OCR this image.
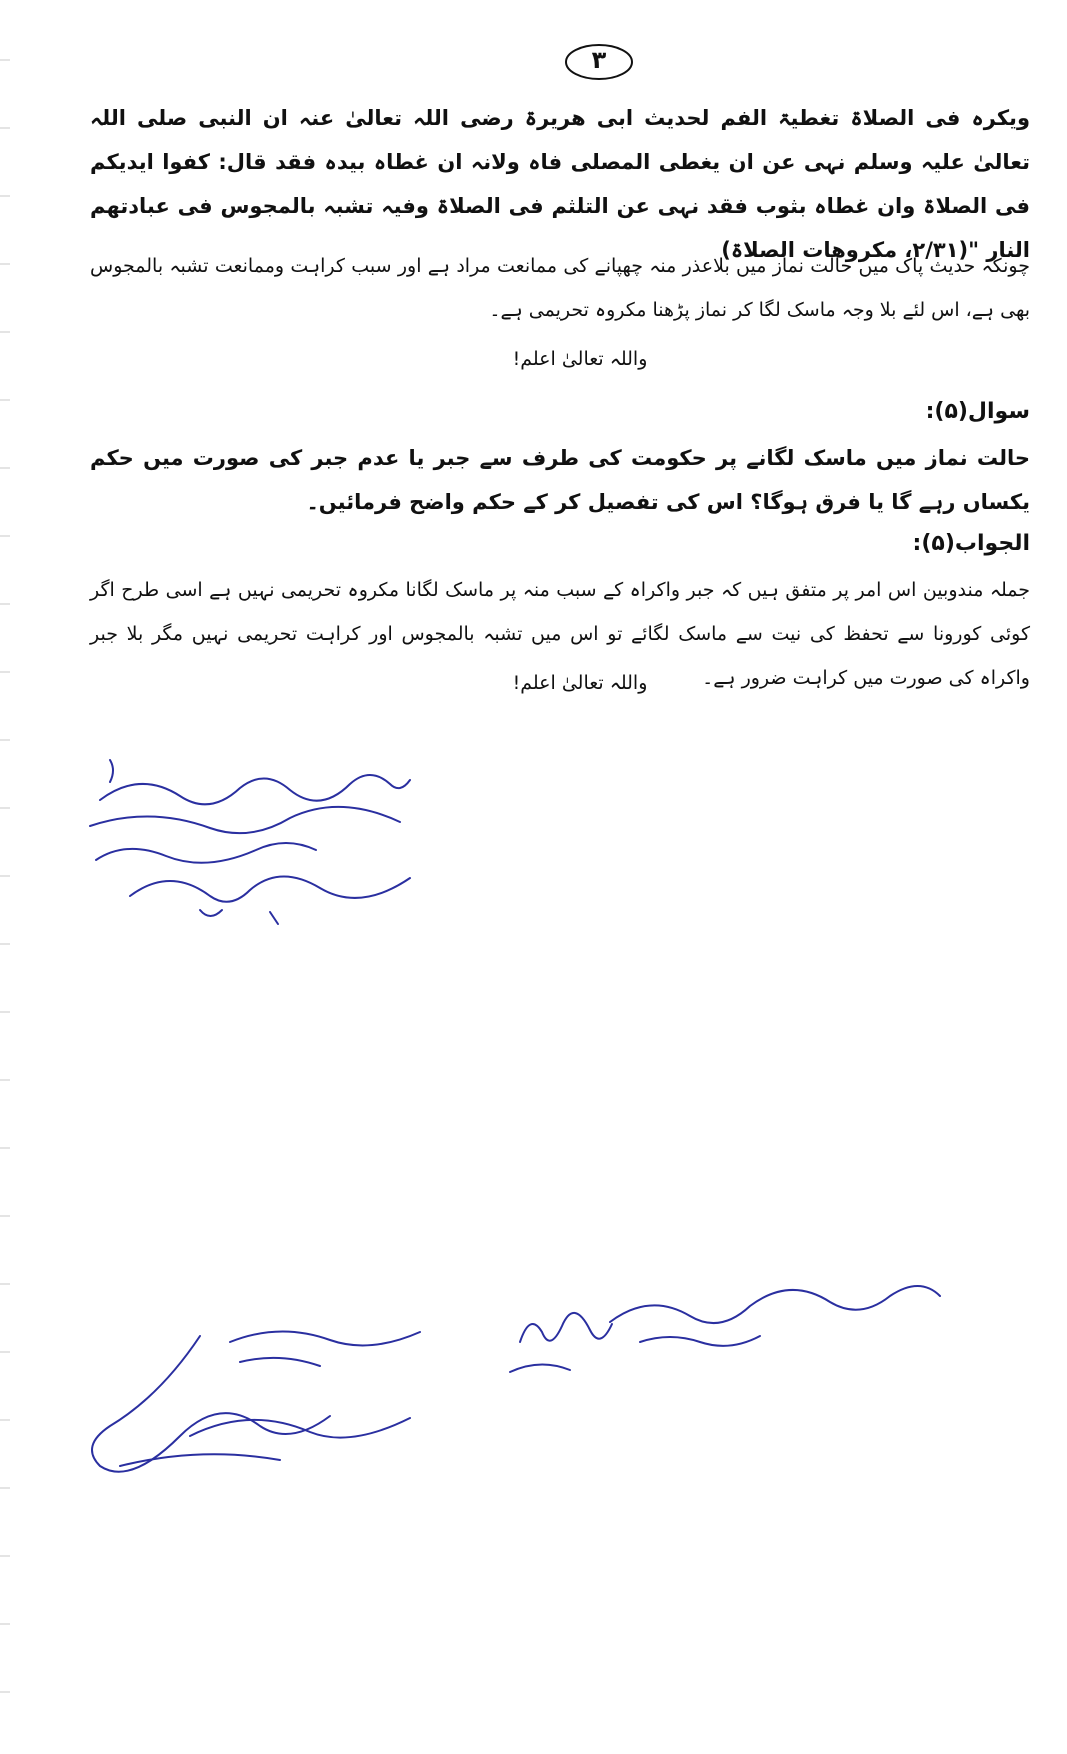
٣
ویکرہ فی الصلاۃ تغطیۃ الفم لحدیث ابی ھریرۃ رضی اللہ تعالیٰ عنہ ان النبی صلی اللہ تعالیٰ علیہ وسلم نہی عن ان یغطی المصلی فاہ ولانہ ان غطاہ بیدہ فقد قال: کفوا ایدیکم فی الصلاۃ وان غطاہ بثوب فقد نہی عن التلثم فی الصلاۃ وفیہ تشبہ بالمجوس فی عبادتھم النار "(۲/۳۱، مکروھات الصلاۃ)
چونکہ حدیث پاک میں حالت نماز میں بلاعذر منہ چھپانے کی ممانعت مراد ہے اور سبب کراہت وممانعت تشبہ بالمجوس بھی ہے، اس لئے بلا وجہ ماسک لگا کر نماز پڑھنا مکروہ تحریمی ہے۔
واللہ تعالیٰ اعلم!
سوال(۵):
حالت نماز میں ماسک لگانے پر حکومت کی طرف سے جبر یا عدم جبر کی صورت میں حکم یکساں رہے گا یا فرق ہوگا؟ اس کی تفصیل کر کے حکم واضح فرمائیں۔
الجواب(۵):
جملہ مندوبین اس امر پر متفق ہیں کہ جبر واکراہ کے سبب منہ پر ماسک لگانا مکروہ تحریمی نہیں ہے اسی طرح اگر کوئی کورونا سے تحفظ کی نیت سے ماسک لگائے تو اس میں تشبہ بالمجوس اور کراہت تحریمی نہیں مگر بلا جبر واکراہ کی صورت میں کراہت ضرور ہے۔
واللہ تعالیٰ اعلم!
